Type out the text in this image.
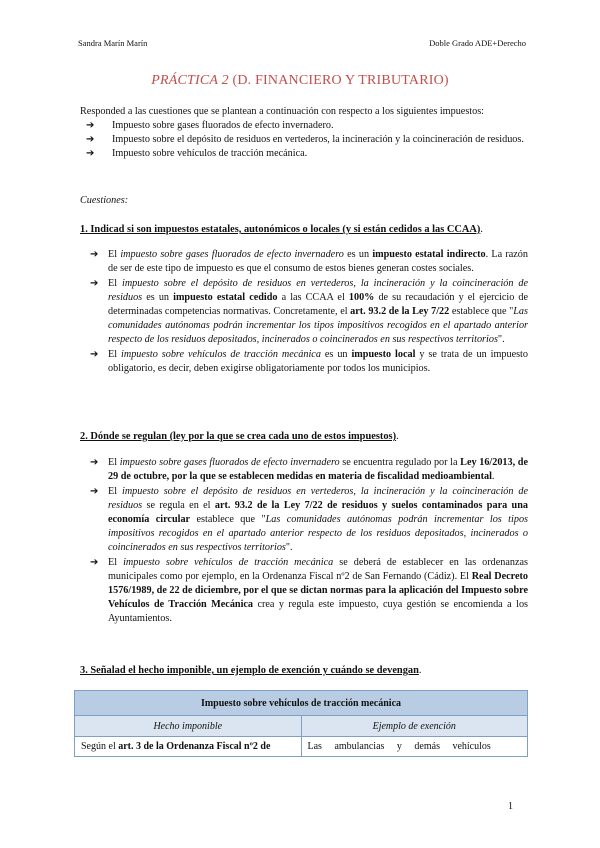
Sandra Marín Marín	Doble Grado ADE+Derecho
PRÁCTICA 2 (D. FINANCIERO Y TRIBUTARIO)
Responded a las cuestiones que se plantean a continuación con respecto a los siguientes impuestos:
➔ Impuesto sobre gases fluorados de efecto invernadero.
➔ Impuesto sobre el depósito de residuos en vertederos, la incineración y la coincineración de residuos.
➔ Impuesto sobre vehículos de tracción mecánica.
Cuestiones:
1. Indicad si son impuestos estatales, autonómicos o locales (y si están cedidos a las CCAA).
➔ El impuesto sobre gases fluorados de efecto invernadero es un impuesto estatal indirecto. La razón de ser de este tipo de impuesto es que el consumo de estos bienes generan costes sociales.
➔ El impuesto sobre el depósito de residuos en vertederos, la incineración y la coincineración de residuos es un impuesto estatal cedido a las CCAA el 100% de su recaudación y el ejercicio de determinadas competencias normativas. Concretamente, el art. 93.2 de la Ley 7/22 establece que "Las comunidades autónomas podrán incrementar los tipos impositivos recogidos en el apartado anterior respecto de los residuos depositados, incinerados o coincinerados en sus respectivos territorios".
➔ El impuesto sobre vehículos de tracción mecánica es un impuesto local y se trata de un impuesto obligatorio, es decir, deben exigirse obligatoriamente por todos los municipios.
2. Dónde se regulan (ley por la que se crea cada uno de estos impuestos).
➔ El impuesto sobre gases fluorados de efecto invernadero se encuentra regulado por la Ley 16/2013, de 29 de octubre, por la que se establecen medidas en materia de fiscalidad medioambiental.
➔ El impuesto sobre el depósito de residuos en vertederos, la incineración y la coincineración de residuos se regula en el art. 93.2 de la Ley 7/22 de residuos y suelos contaminados para una economía circular establece que "Las comunidades autónomas podrán incrementar los tipos impositivos recogidos en el apartado anterior respecto de los residuos depositados, incinerados o coincinerados en sus respectivos territorios".
➔ El impuesto sobre vehículos de tracción mecánica se deberá de establecer en las ordenanzas municipales como por ejemplo, en la Ordenanza Fiscal nº2 de San Fernando (Cádiz). El Real Decreto 1576/1989, de 22 de diciembre, por el que se dictan normas para la aplicación del Impuesto sobre Vehículos de Tracción Mecánica crea y regula este impuesto, cuya gestión se encomienda a los Ayuntamientos.
3. Señalad el hecho imponible, un ejemplo de exención y cuándo se devengan.
Impuesto sobre vehículos de tracción mecánica	
Hecho imponible	Ejemplo de exención
Según el art. 3 de la Ordenanza Fiscal nº2 de	Las     ambulancias     y     demás     vehículos
1
